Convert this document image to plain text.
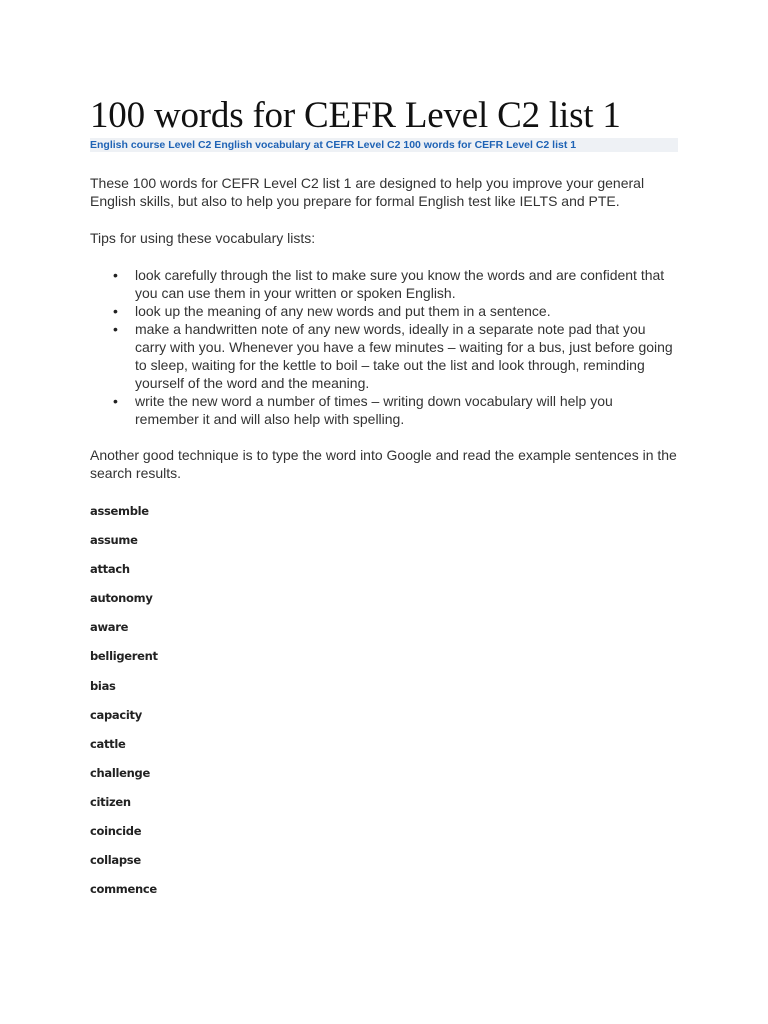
100 words for CEFR Level C2 list 1
English course Level C2 English vocabulary at CEFR Level C2 100 words for CEFR Level C2 list 1

These 100 words for CEFR Level C2 list 1 are designed to help you improve your general English skills, but also to help you prepare for formal English test like IELTS and PTE.

Tips for using these vocabulary lists:

• look carefully through the list to make sure you know the words and are confident that you can use them in your written or spoken English.
• look up the meaning of any new words and put them in a sentence.
• make a handwritten note of any new words, ideally in a separate note pad that you carry with you. Whenever you have a few minutes – waiting for a bus, just before going to sleep, waiting for the kettle to boil – take out the list and look through, reminding yourself of the word and the meaning.
• write the new word a number of times – writing down vocabulary will help you remember it and will also help with spelling.

Another good technique is to type the word into Google and read the example sentences in the search results.

assemble
assume
attach
autonomy
aware
belligerent
bias
capacity
cattle
challenge
citizen
coincide
collapse
commence
